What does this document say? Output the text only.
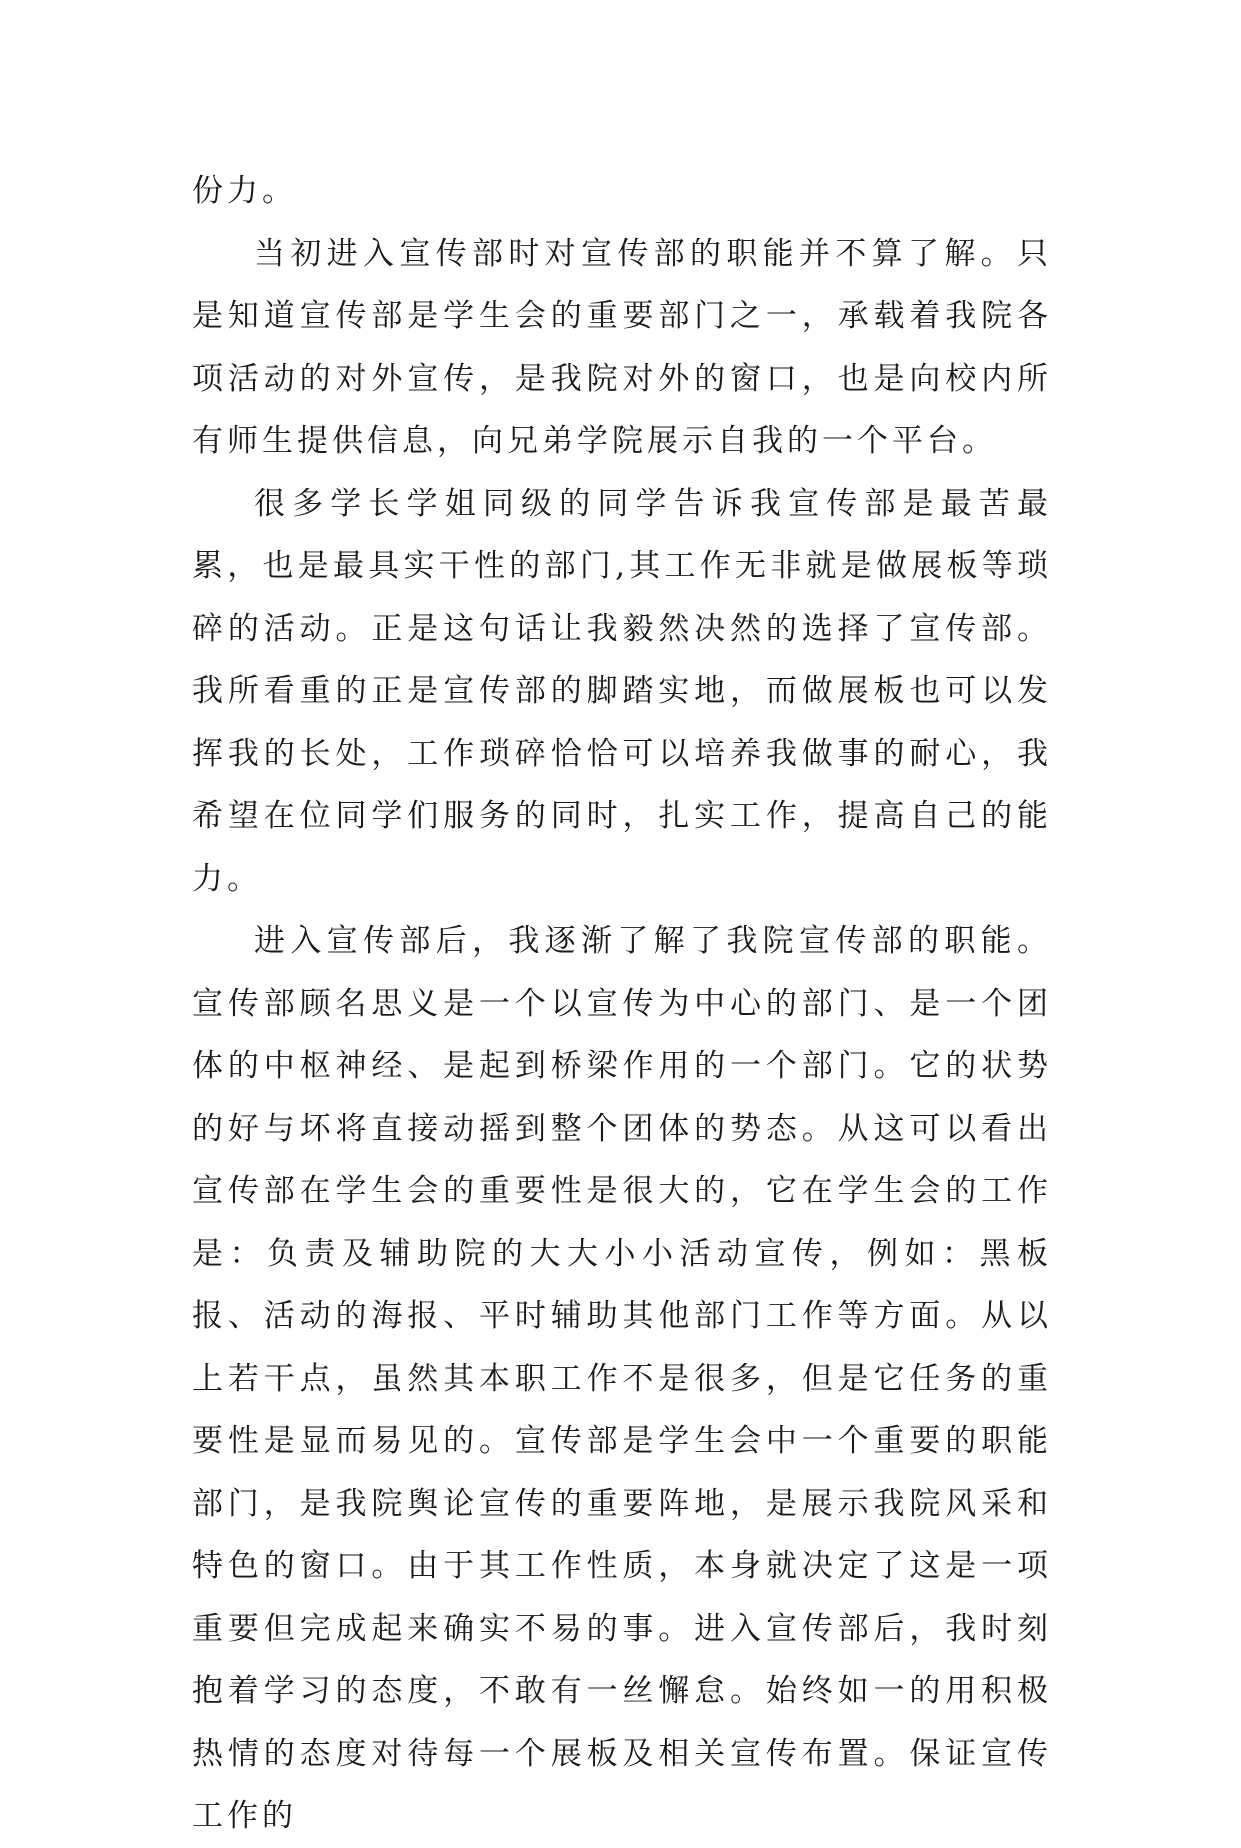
份力。

当初进入宣传部时对宣传部的职能并不算了解。只是知道宣传部是学生会的重要部门之一，承载着我院各项活动的对外宣传，是我院对外的窗口，也是向校内所有师生提供信息，向兄弟学院展示自我的一个平台。

很多学长学姐同级的同学告诉我宣传部是最苦最累，也是最具实干性的部门,其工作无非就是做展板等琐碎的活动。正是这句话让我毅然决然的选择了宣传部。我所看重的正是宣传部的脚踏实地，而做展板也可以发挥我的长处，工作琐碎恰恰可以培养我做事的耐心，我希望在位同学们服务的同时，扎实工作，提高自己的能力。

进入宣传部后，我逐渐了解了我院宣传部的职能。宣传部顾名思义是一个以宣传为中心的部门、是一个团体的中枢神经、是起到桥梁作用的一个部门。它的状势的好与坏将直接动摇到整个团体的势态。从这可以看出宣传部在学生会的重要性是很大的，它在学生会的工作是：负责及辅助院的大大小小活动宣传，例如：黑板报、活动的海报、平时辅助其他部门工作等方面。从以上若干点，虽然其本职工作不是很多，但是它任务的重要性是显而易见的。宣传部是学生会中一个重要的职能部门，是我院舆论宣传的重要阵地，是展示我院风采和特色的窗口。由于其工作性质，本身就决定了这是一项重要但完成起来确实不易的事。进入宣传部后，我时刻抱着学习的态度，不敢有一丝懈怠。始终如一的用积极热情的态度对待每一个展板及相关宣传布置。保证宣传工作的
